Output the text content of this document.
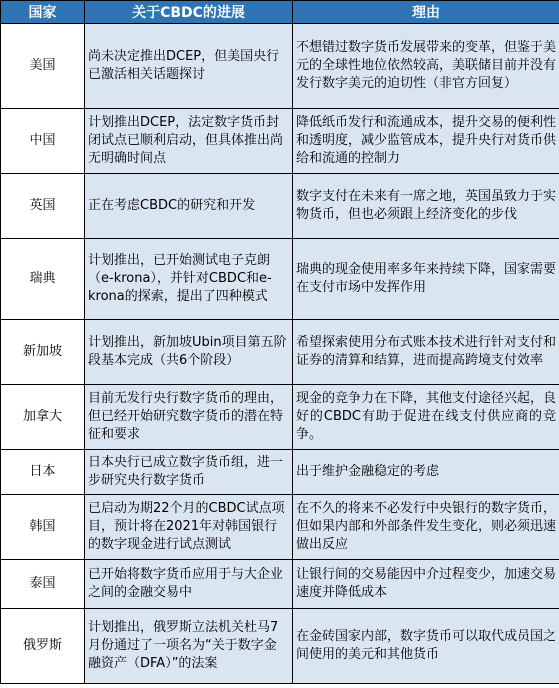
国家	关于CBDC的进展	理由
美国	尚未决定推出DCEP，但美国央行已激活相关话题探讨	不想错过数字货币发展带来的变革，但鉴于美元的全球性地位依然较高，美联储目前并没有发行数字美元的迫切性（非官方回复）
中国	计划推出DCEP，法定数字货币封闭试点已顺利启动，但具体推出尚无明确时间点	降低纸币发行和流通成本，提升交易的便利性和透明度，减少监管成本，提升央行对货币供给和流通的控制力
英国	正在考虑CBDC的研究和开发	数字支付在未来有一席之地，英国虽致力于实物货币，但也必须跟上经济变化的步伐
瑞典	计划推出，已开始测试电子克朗（e-krona），并针对CBDC和e-krona的探索，提出了四种模式	瑞典的现金使用率多年来持续下降，国家需要在支付市场中发挥作用
新加坡	计划推出，新加坡Ubin项目第五阶段基本完成（共6个阶段）	希望探索使用分布式账本技术进行针对支付和证券的清算和结算，进而提高跨境支付效率
加拿大	目前无发行央行数字货币的理由，但已经开始研究数字货币的潜在特征和要求	现金的竞争力在下降，其他支付途径兴起，良好的CBDC有助于促进在线支付供应商的竞争。
日本	日本央行已成立数字货币组，进一步研究央行数字货币	出于维护金融稳定的考虑
韩国	已启动为期22个月的CBDC试点项目，预计将在2021年对韩国银行的数字现金进行试点测试	在不久的将来不必发行中央银行的数字货币，但如果内部和外部条件发生变化，则必须迅速做出反应
泰国	已开始将数字货币应用于与大企业之间的金融交易中	让银行间的交易能因中介过程变少，加速交易速度并降低成本
俄罗斯	计划推出，俄罗斯立法机关杜马7月份通过了一项名为“关于数字金融资产（DFA）”的法案	在金砖国家内部，数字货币可以取代成员国之间使用的美元和其他货币
